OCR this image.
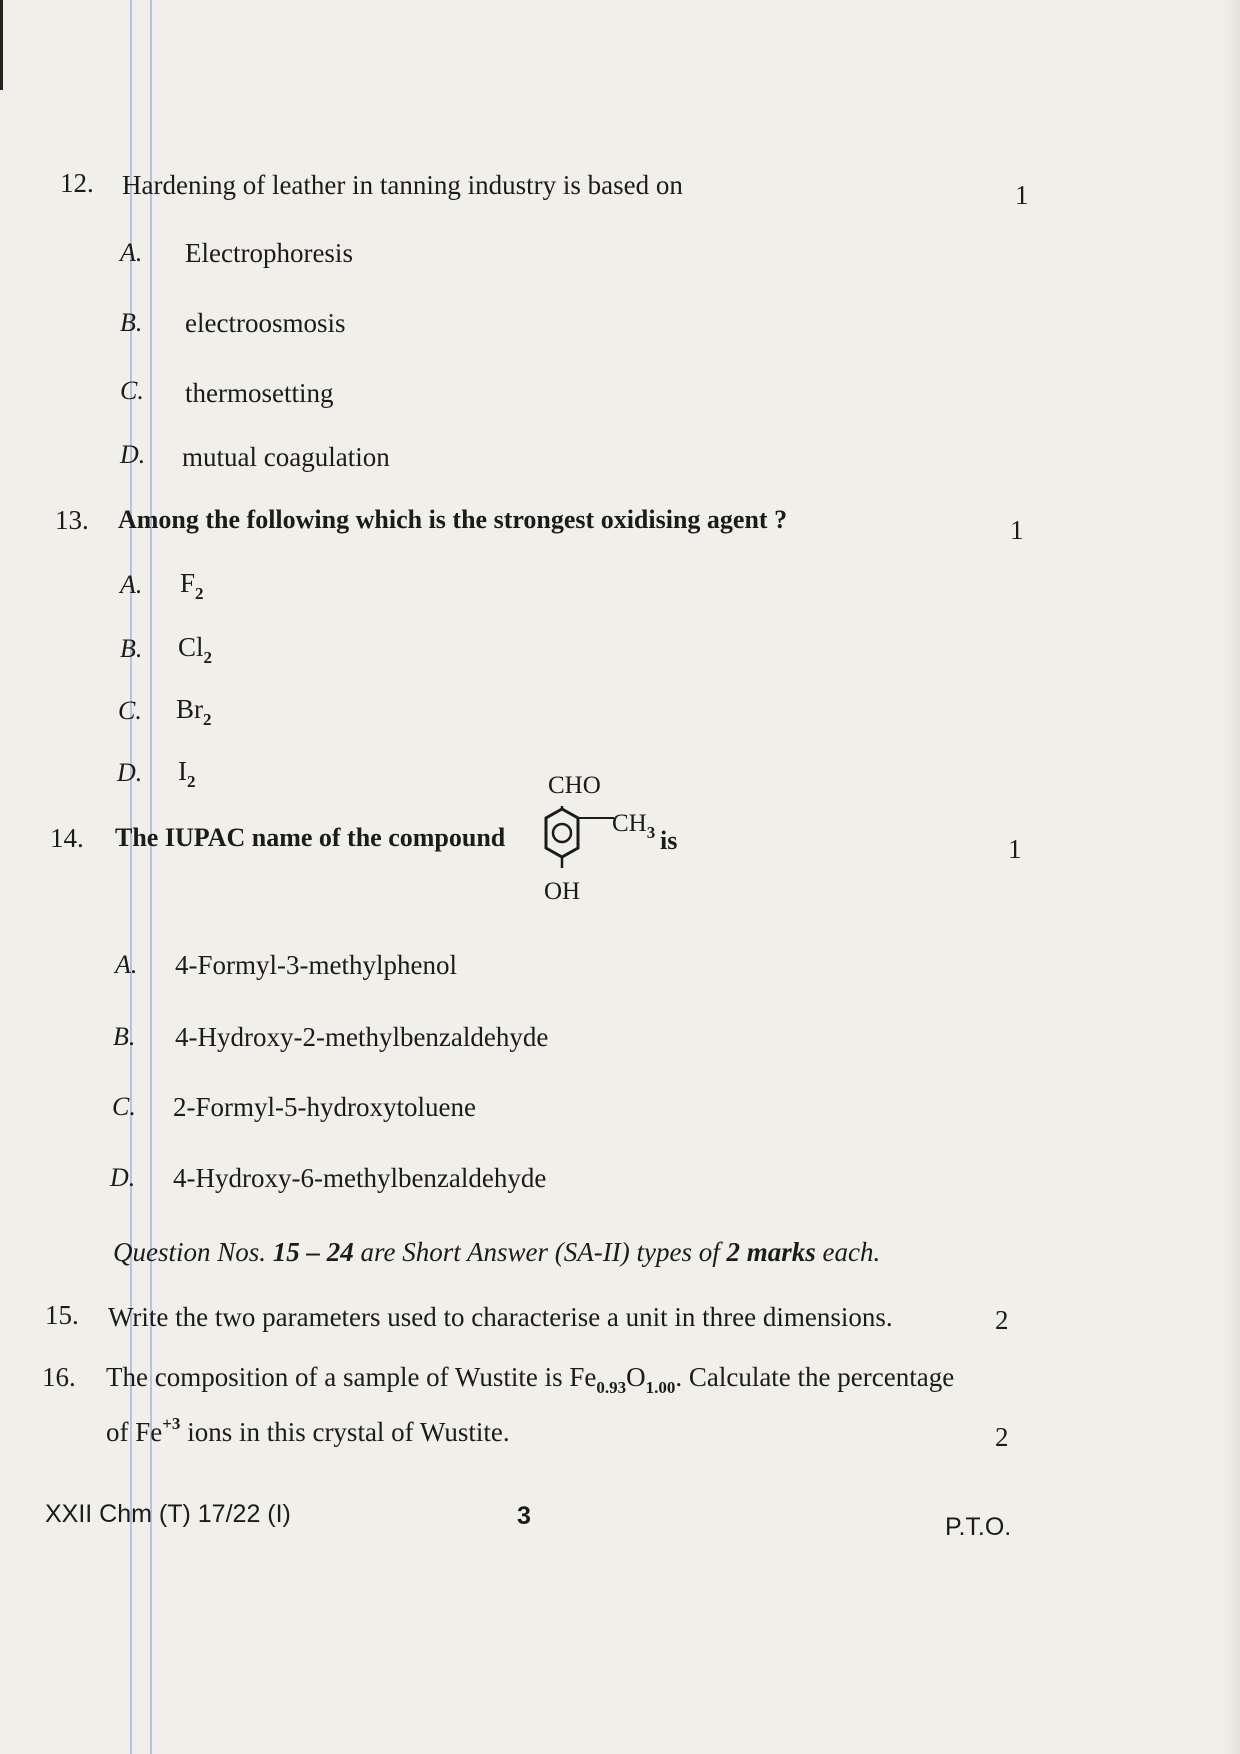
12. Hardening of leather in tanning industry is based on	1
A. Electrophoresis
B. electroosmosis
C. thermosetting
D. mutual coagulation
13. Among the following which is the strongest oxidising agent ?	1
A. $F_2$
B. $Cl_2$
C. $Br_2$
D. $I_2$
14. The IUPAC name of the compound
CHO
$CH_3$
OH
is	1
A. 4-Formyl-3-methylphenol
B. 4-Hydroxy-2-methylbenzaldehyde
C. 2-Formyl-5-hydroxytoluene
D. 4-Hydroxy-6-methylbenzaldehyde
Question Nos. 15 – 24 are Short Answer (SA-II) types of 2 marks each.
15. Write the two parameters used to characterise a unit in three dimensions.	2
16. The composition of a sample of Wustite is $Fe_{0.93}O_{1.00}$. Calculate the percentage
of $Fe^{+3}$ ions in this crystal of Wustite.	2
XXII Chm (T) 17/22 (I)	3	P.T.O.
